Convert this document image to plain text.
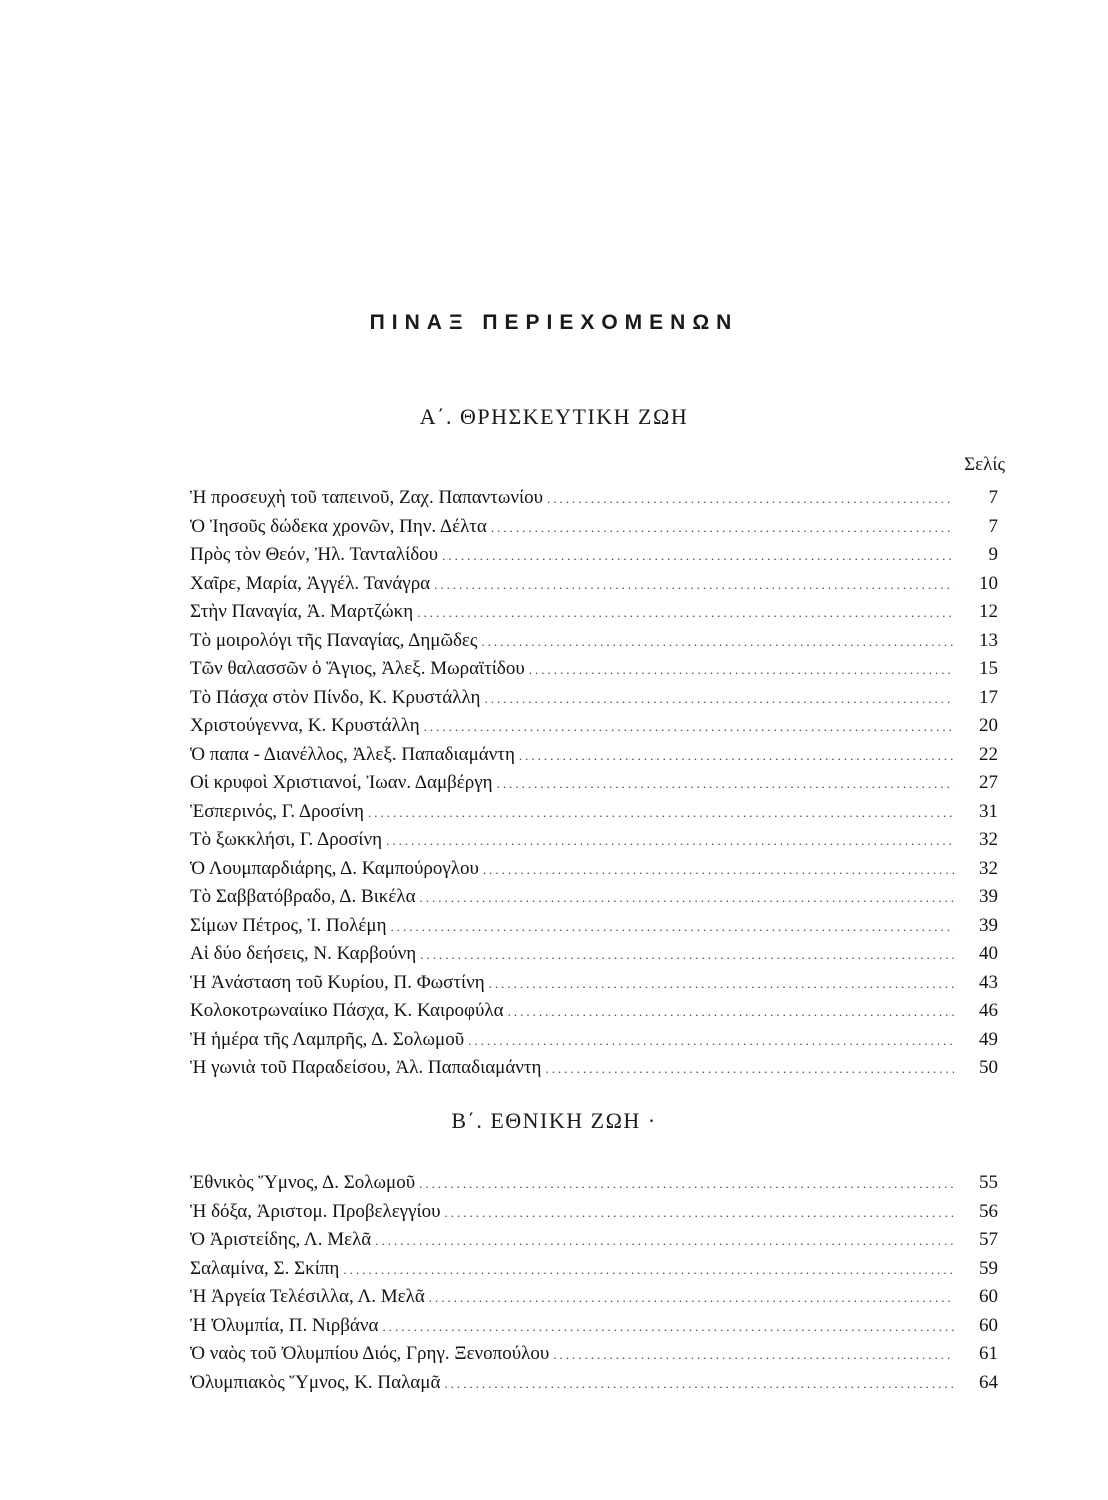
ΠΙΝΑΞ ΠΕΡΙΕΧΟΜΕΝΩΝ
Α΄. ΘΡΗΣΚΕΥΤΙΚΗ ΖΩΗ
Σελίς
Ἡ προσευχὴ τοῦ ταπεινοῦ, Ζαχ. Παπαντωνίου .....	7
Ὁ Ἰησοῦς δώδεκα χρονῶν, Πην. Δέλτα .....	7
Πρὸς τὸν Θεόν, Ἠλ. Τανταλίδου .....	9
Χαῖρε, Μαρία, Ἀγγέλ. Τανάγρα .....	10
Στὴν Παναγία, Ἀ. Μαρτζώκη .....	12
Τὸ μοιρολόγι τῆς Παναγίας, Δημῶδες .....	13
Τῶν θαλασσῶν ὁ Ἅγιος, Ἀλεξ. Μωραϊτίδου .....	15
Τὸ Πάσχα στὸν Πίνδο, Κ. Κρυστάλλη .....	17
Χριστούγεννα, Κ. Κρυστάλλη .....	20
Ὁ παπα - Διανέλλος, Ἀλεξ. Παπαδιαμάντη .....	22
Οἱ κρυφοὶ Χριστιανοί, Ἰωαν. Δαμβέργη .....	27
Ἑσπερινός, Γ. Δροσίνη .....	31
Τὸ ξωκκλήσι, Γ. Δροσίνη .....	32
Ὁ Λουμπαρδιάρης, Δ. Καμπούρογλου .....	32
Τὸ Σαββατόβραδο, Δ. Βικέλα .....	39
Σίμων Πέτρος, Ἰ. Πολέμη .....	39
Αἱ δύο δεήσεις, Ν. Καρβούνη .....	40
Ἡ Ἀνάσταση τοῦ Κυρίου, Π. Φωστίνη .....	43
Κολοκοτρωναίικο Πάσχα, Κ. Καιροφύλα .....	46
Ἡ ἡμέρα τῆς Λαμπρῆς, Δ. Σολωμοῦ .....	49
Ἡ γωνιὰ τοῦ Παραδείσου, Ἀλ. Παπαδιαμάντη .....	50
Β΄. ΕΘΝΙΚΗ ΖΩΗ ·
Ἐθνικὸς Ὕμνος, Δ. Σολωμοῦ .....	55
Ἡ δόξα, Ἀριστομ. Προβελεγγίου .....	56
Ὁ Ἀριστείδης, Λ. Μελᾶ .....	57
Σαλαμίνα, Σ. Σκίπη .....	59
Ἡ Ἀργεία Τελέσιλλα, Λ. Μελᾶ .....	60
Ἡ Ὀλυμπία, Π. Νιρβάνα .....	60
Ὁ ναὸς τοῦ Ὀλυμπίου Διός, Γρηγ. Ξενοπούλου .....	61
Ὀλυμπιακὸς Ὕμνος, Κ. Παλαμᾶ .....	64
